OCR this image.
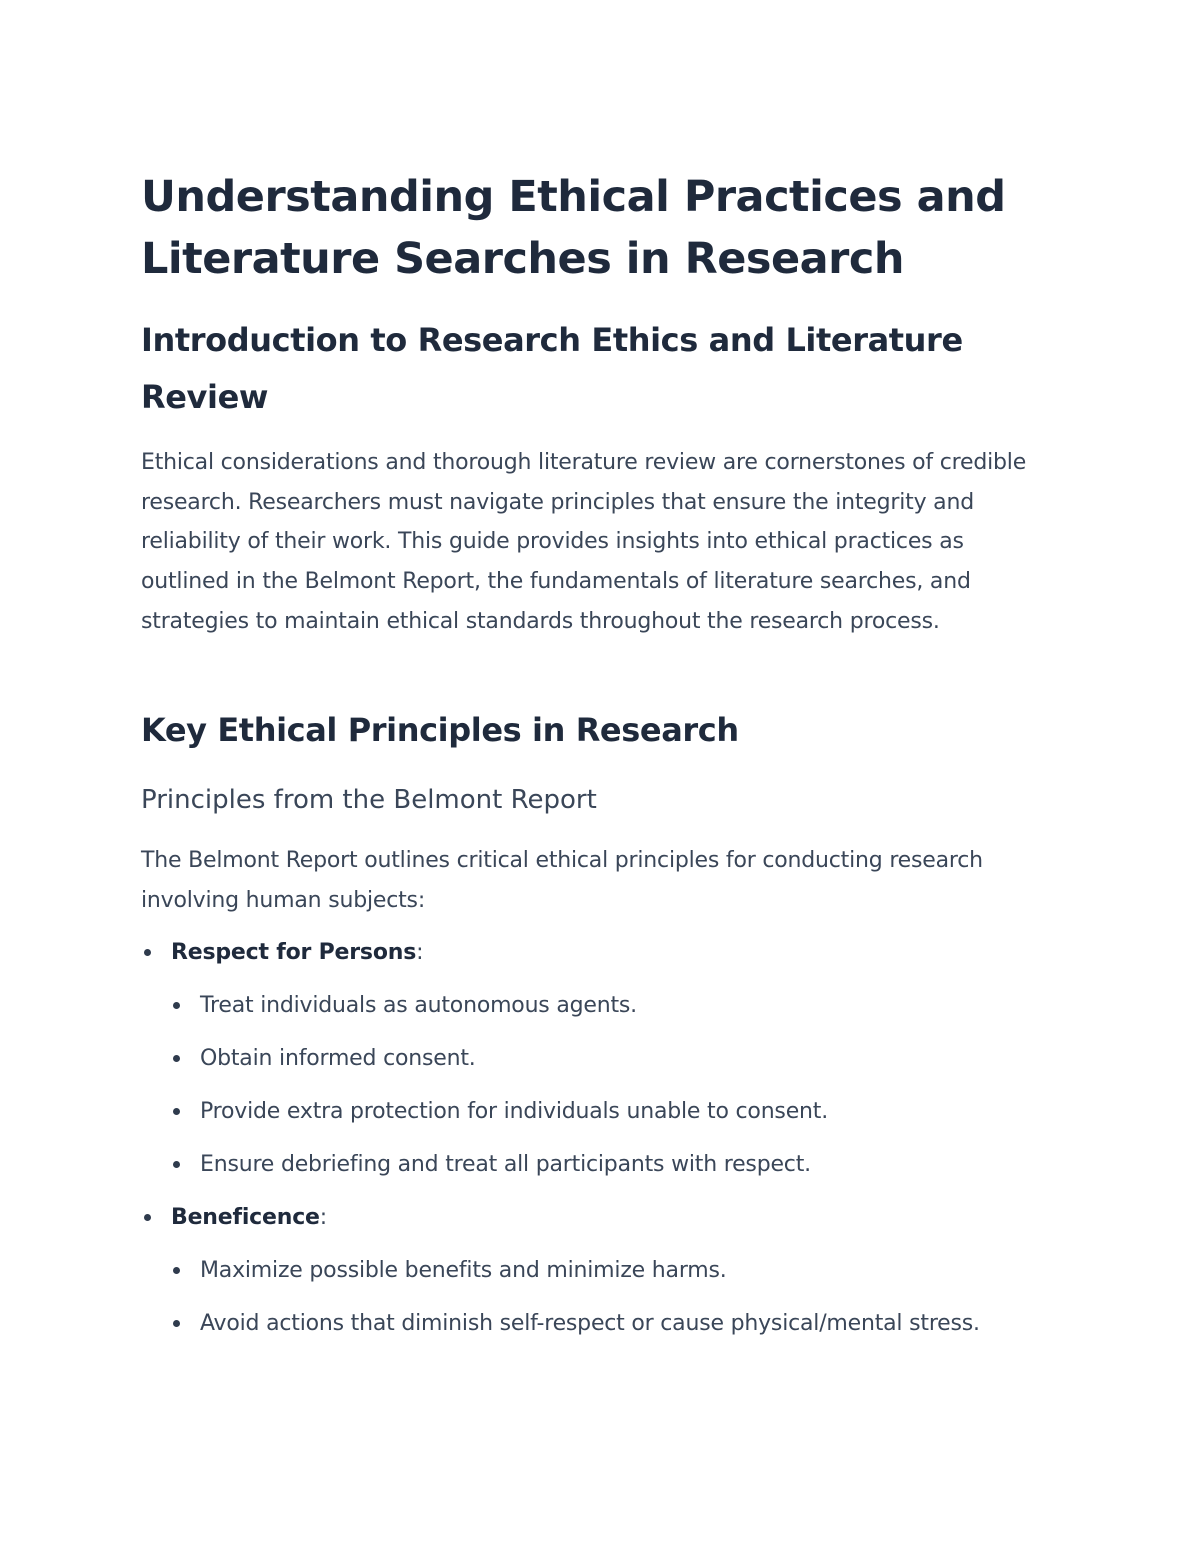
Understanding Ethical Practices and Literature Searches in Research
Introduction to Research Ethics and Literature Review

Ethical considerations and thorough literature review are cornerstones of credible research. Researchers must navigate principles that ensure the integrity and reliability of their work. This guide provides insights into ethical practices as outlined in the Belmont Report, the fundamentals of literature searches, and strategies to maintain ethical standards throughout the research process.

Key Ethical Principles in Research
Principles from the Belmont Report

The Belmont Report outlines critical ethical principles for conducting research involving human subjects:

Respect for Persons:
Treat individuals as autonomous agents.
Obtain informed consent.
Provide extra protection for individuals unable to consent.
Ensure debriefing and treat all participants with respect.
Beneficence:
Maximize possible benefits and minimize harms.
Avoid actions that diminish self-respect or cause physical/mental stress.
